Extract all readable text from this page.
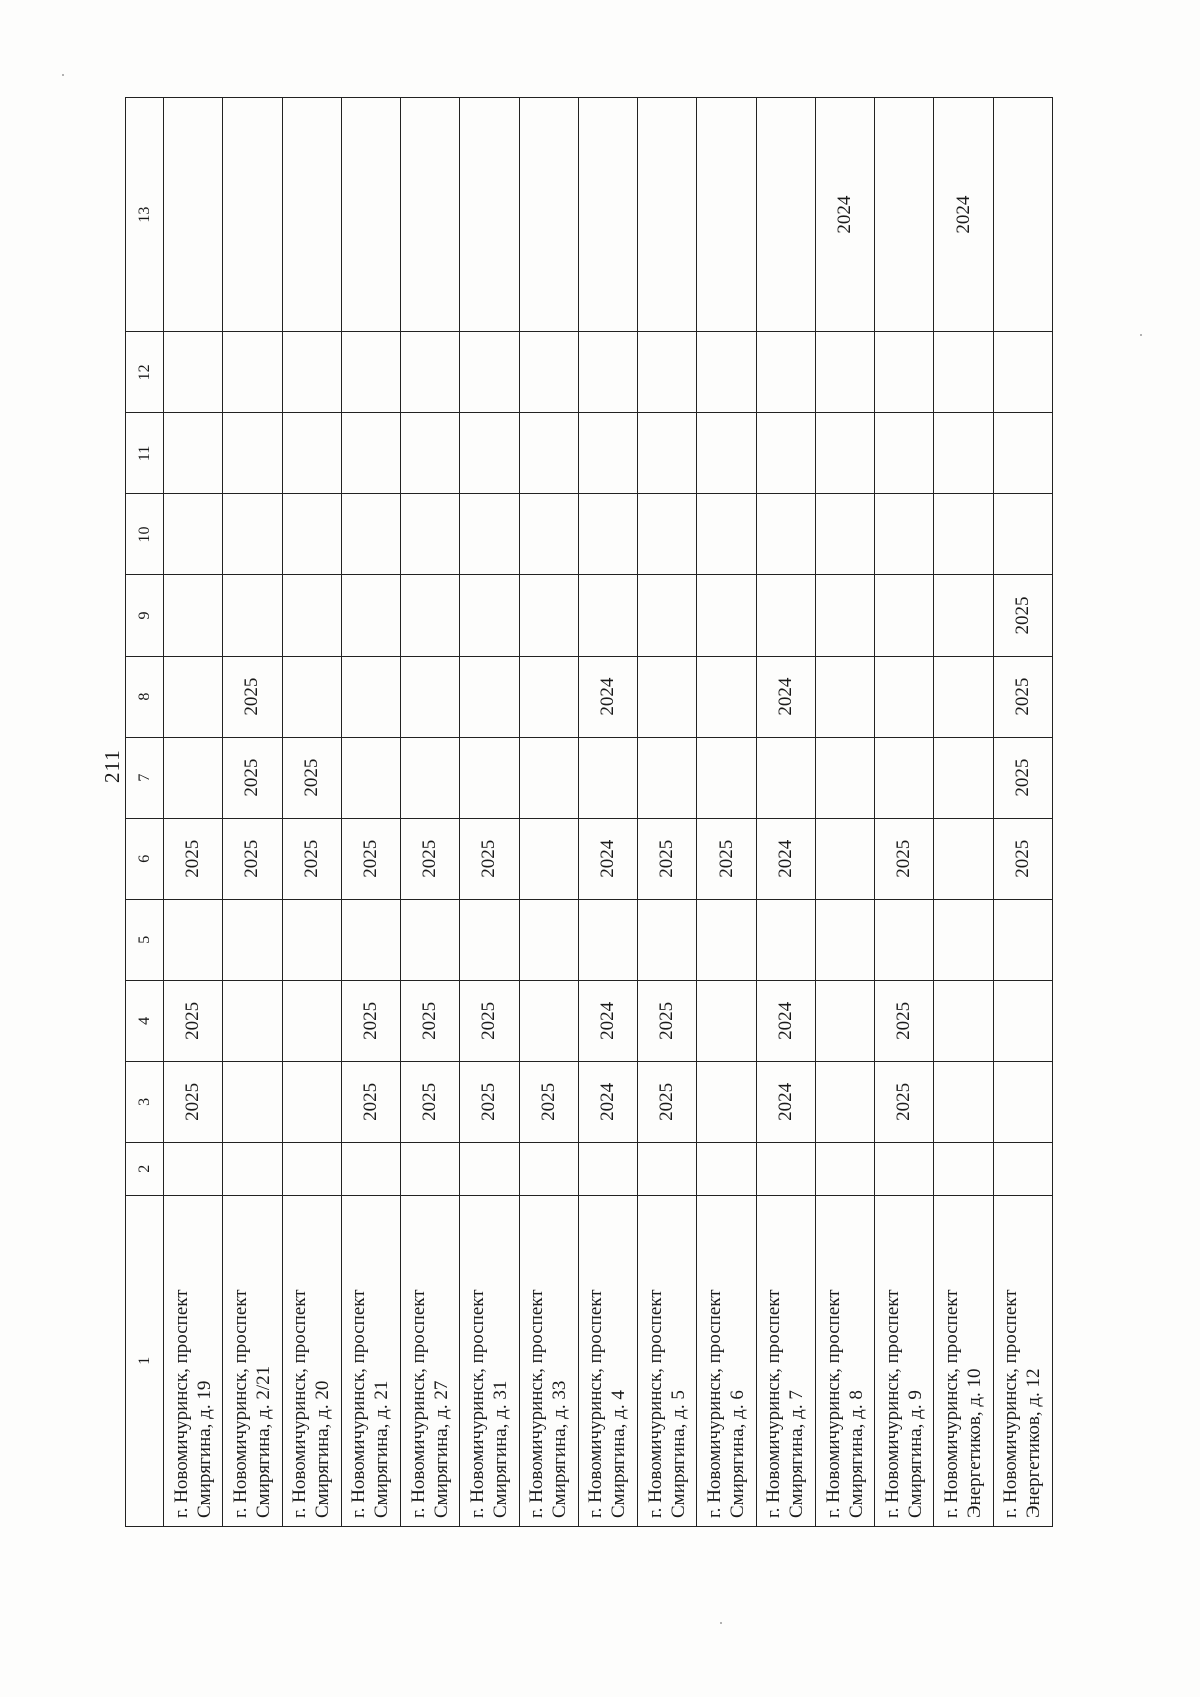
211
1	2	3	4	5	6	7	8	9	10	11	12	13
г. Новомичуринск, проспект Смирягина, д. 19		2025	2025		2025							
г. Новомичуринск, проспект Смирягина, д. 2/21					2025	2025	2025					
г. Новомичуринск, проспект Смирягина, д. 20					2025	2025						
г. Новомичуринск, проспект Смирягина, д. 21		2025	2025		2025							
г. Новомичуринск, проспект Смирягина, д. 27		2025	2025		2025							
г. Новомичуринск, проспект Смирягина, д. 31		2025	2025		2025							
г. Новомичуринск, проспект Смирягина, д. 33		2025										
г. Новомичуринск, проспект Смирягина, д. 4		2024	2024		2024		2024					
г. Новомичуринск, проспект Смирягина, д. 5		2025	2025		2025							
г. Новомичуринск, проспект Смирягина, д. 6					2025							
г. Новомичуринск, проспект Смирягина, д. 7		2024	2024		2024		2024					
г. Новомичуринск, проспект Смирягина, д. 8												2024
г. Новомичуринск, проспект Смирягина, д. 9		2025	2025		2025							
г. Новомичуринск, проспект Энергетиков, д. 10												2024
г. Новомичуринск, проспект Энергетиков, д. 12					2025	2025	2025	2025				
